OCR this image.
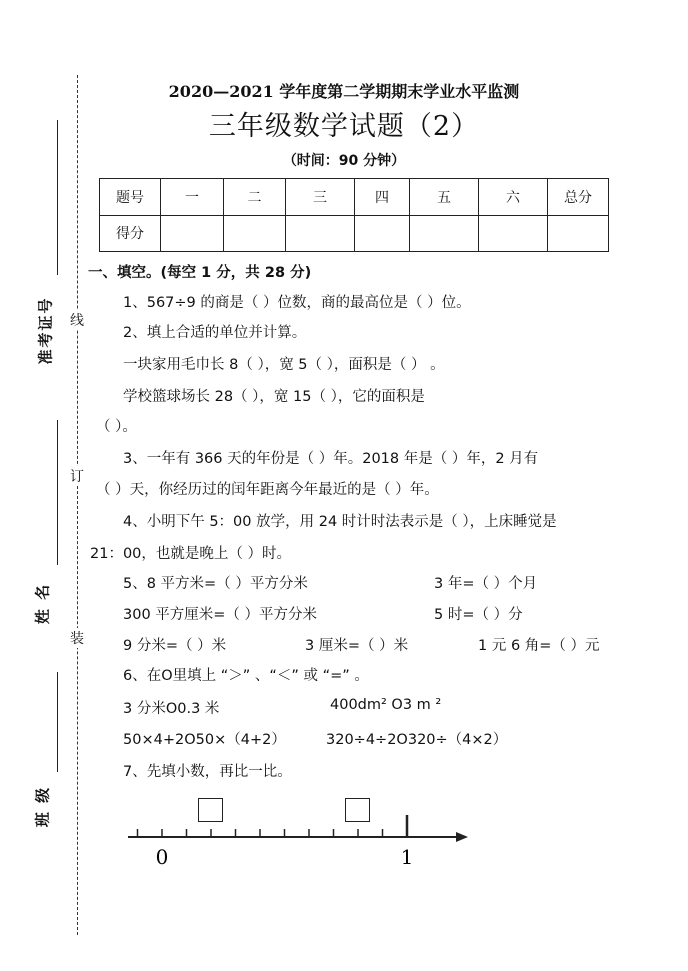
准考证号
姓 名
班 级
线
订
装
2020—2021 学年度第二学期期末学业水平监测
三年级数学试题（2）
（时间：90 分钟）
题号	一	二	三	四	五	六	总分
得分							
一、填空。(每空 1 分，共 28 分)
1、567÷9 的商是（ ）位数，商的最高位是（ ）位。
2、填上合适的单位并计算。
一块家用毛巾长 8（ ），宽 5（ ），面积是（ ） 。
学校篮球场长 28（ ），宽 15（ ），它的面积是
（ ）。
3、一年有 366 天的年份是（ ）年。2018 年是（ ）年，2 月有
（ ）天，你经历过的闰年距离今年最近的是（ ）年。
4、小明下午 5：00 放学，用 24 时计时法表示是（ ），上床睡觉是
21：00，也就是晚上（ ）时。
5、8 平方米=（ ）平方分米	3 年=（ ）个月
300 平方厘米=（ ）平方分米	5 时=（ ）分
9 分米=（ ）米	3 厘米=（ ）米	1 元 6 角=（ ）元
6、在O里填上 “＞” 、“＜” 或 “=” 。
3 分米O0.3 米	400dm² O3 m ²
50×4+2O50×（4+2）	320÷4÷2O320÷（4×2）
7、先填小数，再比一比。
0	1
